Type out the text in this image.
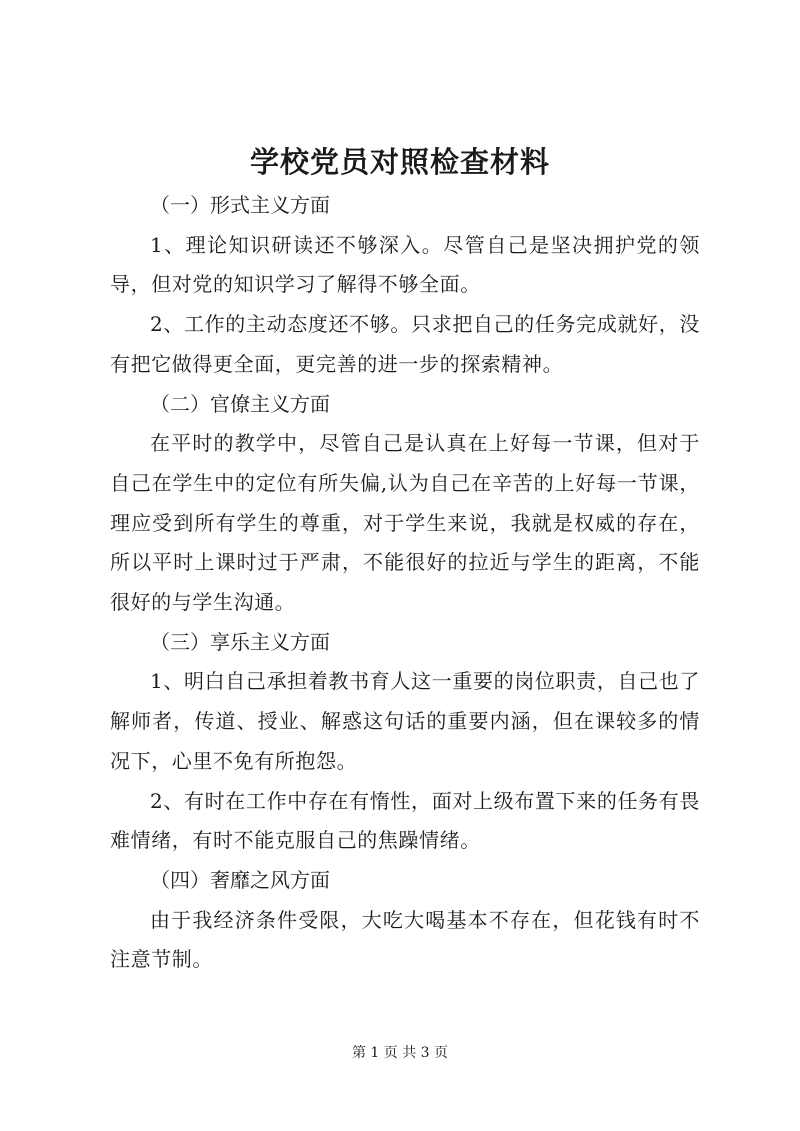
学校党员对照检查材料

（一）形式主义方面

1、理论知识研读还不够深入。尽管自己是坚决拥护党的领导，但对党的知识学习了解得不够全面。

2、工作的主动态度还不够。只求把自己的任务完成就好，没有把它做得更全面，更完善的进一步的探索精神。

（二）官僚主义方面

在平时的教学中，尽管自己是认真在上好每一节课，但对于自己在学生中的定位有所失偏,认为自己在辛苦的上好每一节课，理应受到所有学生的尊重，对于学生来说，我就是权威的存在，所以平时上课时过于严肃，不能很好的拉近与学生的距离，不能很好的与学生沟通。

（三）享乐主义方面

1、明白自己承担着教书育人这一重要的岗位职责，自己也了解师者，传道、授业、解惑这句话的重要内涵，但在课较多的情况下，心里不免有所抱怨。

2、有时在工作中存在有惰性，面对上级布置下来的任务有畏难情绪，有时不能克服自己的焦躁情绪。

（四）奢靡之风方面

由于我经济条件受限，大吃大喝基本不存在，但花钱有时不注意节制。

第 1 页 共 3 页
